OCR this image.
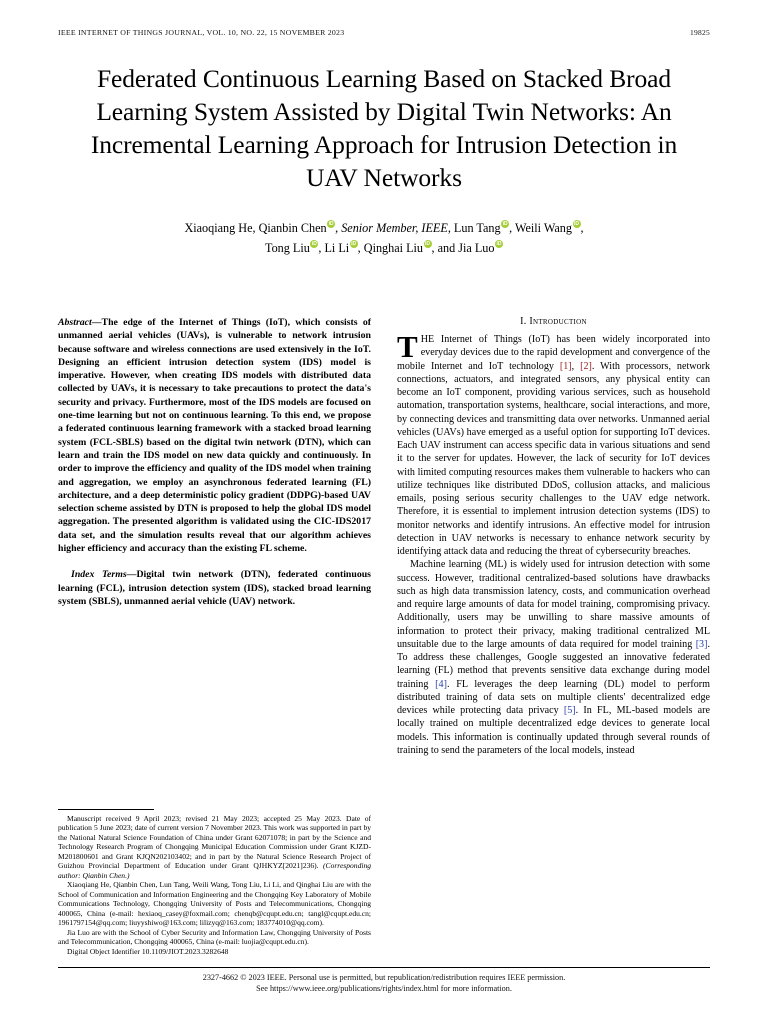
IEEE INTERNET OF THINGS JOURNAL, VOL. 10, NO. 22, 15 NOVEMBER 2023	19825
Federated Continuous Learning Based on Stacked Broad Learning System Assisted by Digital Twin Networks: An Incremental Learning Approach for Intrusion Detection in UAV Networks
Xiaoqiang He, Qianbin Chen iD , Senior Member, IEEE, Lun Tang iD , Weili Wang iD ,
Tong Liu iD , Li Li iD , Qinghai Liu iD , and Jia LuoiD

Abstract—The edge of the Internet of Things (IoT), which consists of unmanned aerial vehicles (UAVs), is vulnerable to network intrusion because software and wireless connections are used extensively in the IoT. Designing an efficient intrusion detection system (IDS) model is imperative. However, when creating IDS models with distributed data collected by UAVs, it is necessary to take precautions to protect the data's security and privacy. Furthermore, most of the IDS models are focused on one-time learning but not on continuous learning. To this end, we propose a federated continuous learning framework with a stacked broad learning system (FCL-SBLS) based on the digital twin network (DTN), which can learn and train the IDS model on new data quickly and continuously. In order to improve the efficiency and quality of the IDS model when training and aggregation, we employ an asynchronous federated learning (FL) architecture, and a deep deterministic policy gradient (DDPG)-based UAV selection scheme assisted by DTN is proposed to help the global IDS model aggregation. The presented algorithm is validated using the CIC-IDS2017 data set, and the simulation results reveal that our algorithm achieves higher efficiency and accuracy than the existing FL scheme.

Index Terms—Digital twin network (DTN), federated continuous learning (FCL), intrusion detection system (IDS), stacked broad learning system (SBLS), unmanned aerial vehicle (UAV) network.

Manuscript received 9 April 2023; revised 21 May 2023; accepted 25 May 2023. Date of publication 5 June 2023; date of current version 7 November 2023. This work was supported in part by the National Natural Science Foundation of China under Grant 62071078; in part by the Science and Technology Research Program of Chongqing Municipal Education Commission under Grant KJZD-M201800601 and Grant KJQN202103402; and in part by the Natural Science Research Project of Guizhou Provincial Department of Education under Grant QJHKYZ[2021]236). (Corresponding author: Qianbin Chen.)

Xiaoqiang He, Qianbin Chen, Lun Tang, Weili Wang, Tong Liu, Li Li, and Qinghai Liu are with the School of Communication and Information Engineering and the Chongqing Key Laboratory of Mobile Communications Technology, Chongqing University of Posts and Telecommunications, Chongqing 400065, China (e-mail: hexiaoq_casey@foxmail.com; chenqb@cqupt.edu.cn; tangl@cqupt.edu.cn; 1961797154@qq.com; liuyyshiwo@163.com; lilizyq@163.com; 183774010@qq.com).

Jia Luo are with the School of Cyber Security and Information Law, Chongqing University of Posts and Telecommunication, Chongqing 400065, China (e-mail: luojia@cqupt.edu.cn).

Digital Object Identifier 10.1109/JIOT.2023.3282648

I. Introduction

THE Internet of Things (IoT) has been widely incorporated into everyday devices due to the rapid development and convergence of the mobile Internet and IoT technology [1], [2]. With processors, network connections, actuators, and integrated sensors, any physical entity can become an IoT component, providing various services, such as household automation, transportation systems, healthcare, social interactions, and more, by connecting devices and transmitting data over networks. Unmanned aerial vehicles (UAVs) have emerged as a useful option for supporting IoT devices. Each UAV instrument can access specific data in various situations and send it to the server for updates. However, the lack of security for IoT devices with limited computing resources makes them vulnerable to hackers who can utilize techniques like distributed DDoS, collusion attacks, and malicious emails, posing serious security challenges to the UAV edge network. Therefore, it is essential to implement intrusion detection systems (IDS) to monitor networks and identify intrusions. An effective model for intrusion detection in UAV networks is necessary to enhance network security by identifying attack data and reducing the threat of cybersecurity breaches.

Machine learning (ML) is widely used for intrusion detection with some success. However, traditional centralized-based solutions have drawbacks such as high data transmission latency, costs, and communication overhead and require large amounts of data for model training, compromising privacy. Additionally, users may be unwilling to share massive amounts of information to protect their privacy, making traditional centralized ML unsuitable due to the large amounts of data required for model training [3]. To address these challenges, Google suggested an innovative federated learning (FL) method that prevents sensitive data exchange during model training [4]. FL leverages the deep learning (DL) model to perform distributed training of data sets on multiple clients' decentralized edge devices while protecting data privacy [5]. In FL, ML-based models are locally trained on multiple decentralized edge devices to generate local models. This information is continually updated through several rounds of training to send the parameters of the local models, instead

2327-4662 © 2023 IEEE. Personal use is permitted, but republication/redistribution requires IEEE permission.
See https://www.ieee.org/publications/rights/index.html for more information.
